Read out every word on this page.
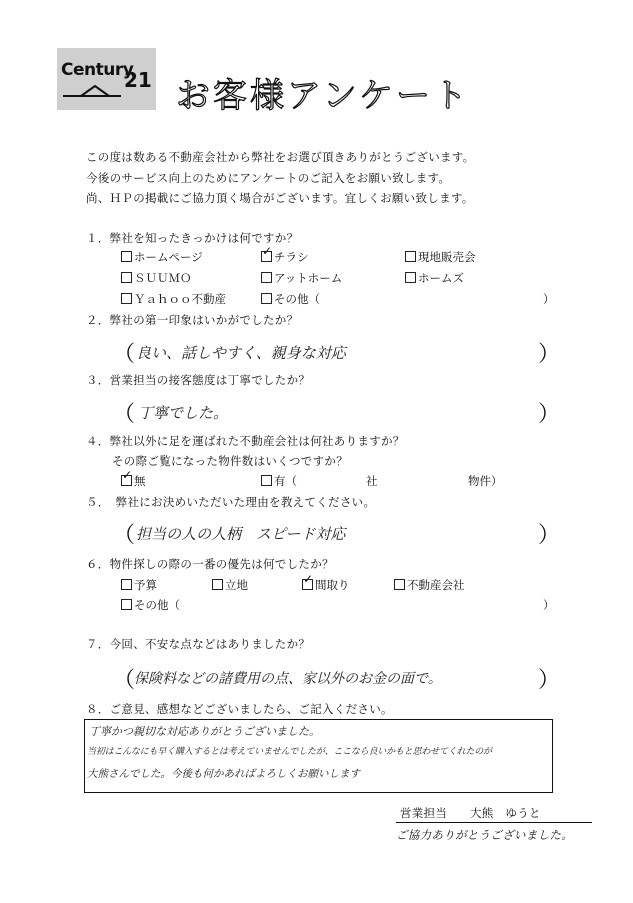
Century
21 お客様アンケート
この度は数ある不動産会社から弊社をお選び頂きありがとうございます。
今後のサービス向上のためにアンケートのご記入をお願い致します。
尚、ＨＰの掲載にご協力頂く場合がございます。宜しくお願い致します。
１．弊社を知ったきっかけは何ですか？
ホームページ ✓	チラシ	現地販売会
ＳＵＵＭＯ	アットホーム	ホームズ
Ｙａｈｏｏ不動産	その他（	）
２．弊社の第一印象はいかがでしたか？
（ 良い、話しやすく、親身な対応	）
３．営業担当の接客態度は丁寧でしたか？
（ 丁寧でした。	）
４．弊社以外に足を運ばれた不動産会社は何社ありますか？
その際ご覧になった物件数はいくつですか？
✓無	有（	社	物件）
５．　弊社にお決めいただいた理由を教えてください。
（ 担当の人の人柄　スピード対応	）
６．物件探しの際の一番の優先は何でしたか？
予算	立地 ✓	間取り	不動産会社
その他（	）
７．今回、不安な点などはありましたか？
（
保険料などの諸費用の点、家以外のお金の面で。	）
８．ご意見、感想などございましたら、ご記入ください。
丁寧かつ親切な対応ありがとうございました。
当初はこんなにも早く購入するとは考えていませんでしたが、ここなら良いかもと思わせてくれたのが
大熊さんでした。今後も何かあればよろしくお願いします
営業担当 大熊　ゆうと
ご協力ありがとうございました。
